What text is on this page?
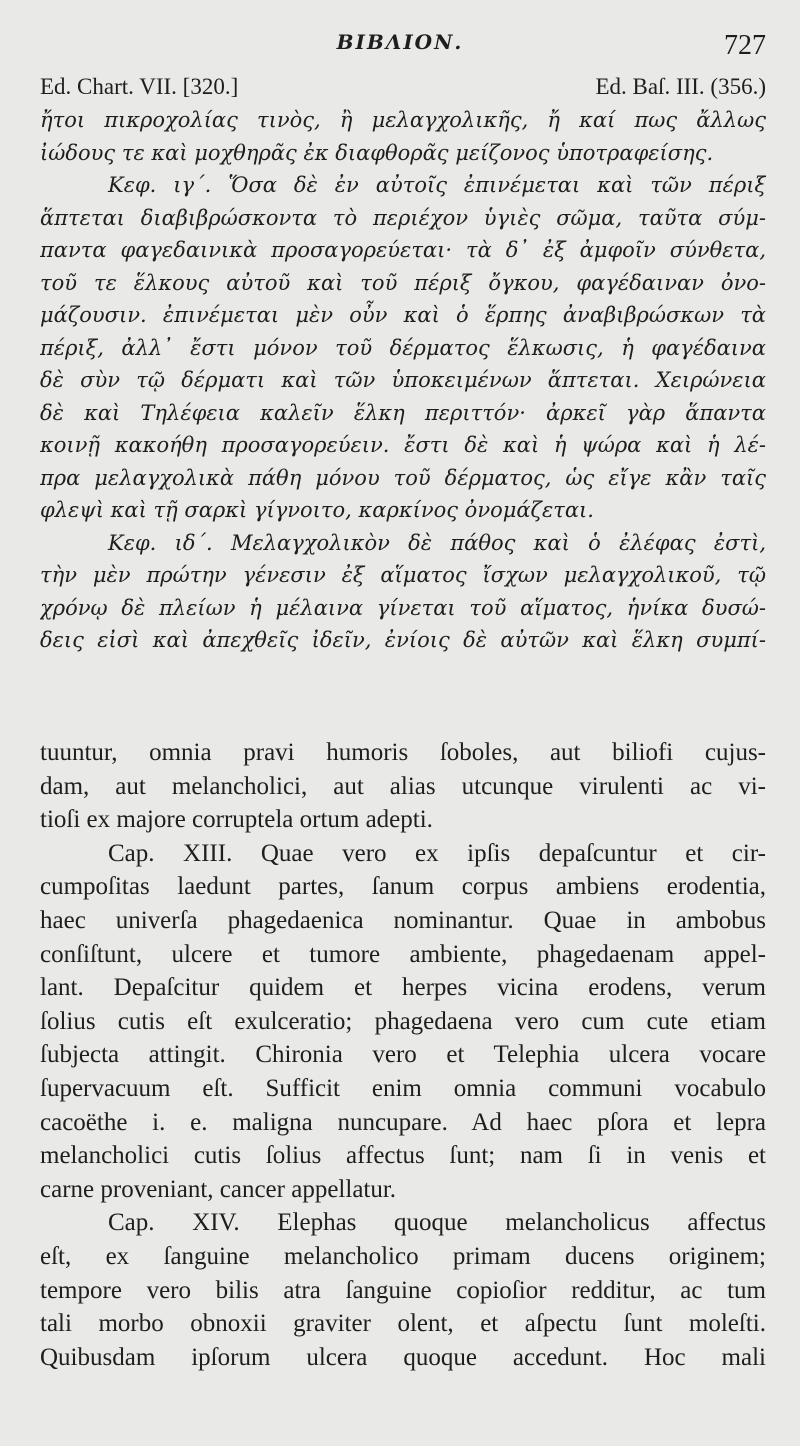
ΒΙΒΛΙΟΝ.	727
Ed. Chart. VII. [320.]	Ed. Baſ. III. (356.)
ἤτοι πικροχολίας τινὸς, ἢ μελαγχολικῆς, ἤ καί πως ἄλλως
ἰώδους τε καὶ μοχθηρᾶς ἐκ διαφθορᾶς μείζονος ὑποτραφείσης.
Κεφ. ιγ΄. Ὅσα δὲ ἐν αὐτοῖς ἐπινέμεται καὶ τῶν πέριξ
ἅπτεται διαβιβρώσκοντα τὸ περιέχον ὑγιὲς σῶμα, ταῦτα σύμ-
παντα φαγεδαινικὰ προσαγορεύεται· τὰ δ᾽ ἐξ ἀμφοῖν σύνθετα,
τοῦ τε ἕλκους αὐτοῦ καὶ τοῦ πέριξ ὄγκου, φαγέδαιναν ὀνο-
μάζουσιν. ἐπινέμεται μὲν οὖν καὶ ὁ ἕρπης ἀναβιβρώσκων τὰ
πέριξ, ἀλλ᾽ ἔστι μόνον τοῦ δέρματος ἕλκωσις, ἡ φαγέδαινα
δὲ σὺν τῷ δέρματι καὶ τῶν ὑποκειμένων ἅπτεται. Χειρώνεια
δὲ καὶ Τηλέφεια καλεῖν ἕλκη περιττόν· ἀρκεῖ γὰρ ἅπαντα
κοινῇ κακοήθη προσαγορεύειν. ἔστι δὲ καὶ ἡ ψώρα καὶ ἡ λέ-
πρα μελαγχολικὰ πάθη μόνου τοῦ δέρματος, ὡς εἴγε κἂν ταῖς
φλεψὶ καὶ τῇ σαρκὶ γίγνοιτο, καρκίνος ὀνομάζεται.
Κεφ. ιδ΄. Μελαγχολικὸν δὲ πάθος καὶ ὁ ἐλέφας ἐστὶ,
τὴν μὲν πρώτην γένεσιν ἐξ αἵματος ἴσχων μελαγχολικοῦ, τῷ
χρόνῳ δὲ πλείων ἡ μέλαινα γίνεται τοῦ αἵματος, ἡνίκα δυσώ-
δεις εἰσὶ καὶ ἀπεχθεῖς ἰδεῖν, ἐνίοις δὲ αὐτῶν καὶ ἕλκη συμπί-
tuuntur, omnia pravi humoris ſoboles, aut biliofi cujus-
dam, aut melancholici, aut alias utcunque virulenti ac vi-
tioſi ex majore corruptela ortum adepti.
Cap. XIII. Quae vero ex ipſis depaſcuntur et cir-
cumpoſitas laedunt partes, ſanum corpus ambiens erodentia,
haec univerſa phagedaenica nominantur. Quae in ambobus
conſiſtunt, ulcere et tumore ambiente, phagedaenam appel-
lant. Depaſcitur quidem et herpes vicina erodens, verum
ſolius cutis eſt exulceratio; phagedaena vero cum cute etiam
ſubjecta attingit. Chironia vero et Telephia ulcera vocare
ſupervacuum eſt. Sufficit enim omnia communi vocabulo
cacoëthe i. e. maligna nuncupare. Ad haec pſora et lepra
melancholici cutis ſolius affectus ſunt; nam ſi in venis et
carne proveniant, cancer appellatur.
Cap. XIV. Elephas quoque melancholicus affectus
eſt, ex ſanguine melancholico primam ducens originem;
tempore vero bilis atra ſanguine copioſior redditur, ac tum
tali morbo obnoxii graviter olent, et aſpectu ſunt moleſti.
Quibusdam ipſorum ulcera quoque accedunt. Hoc mali
